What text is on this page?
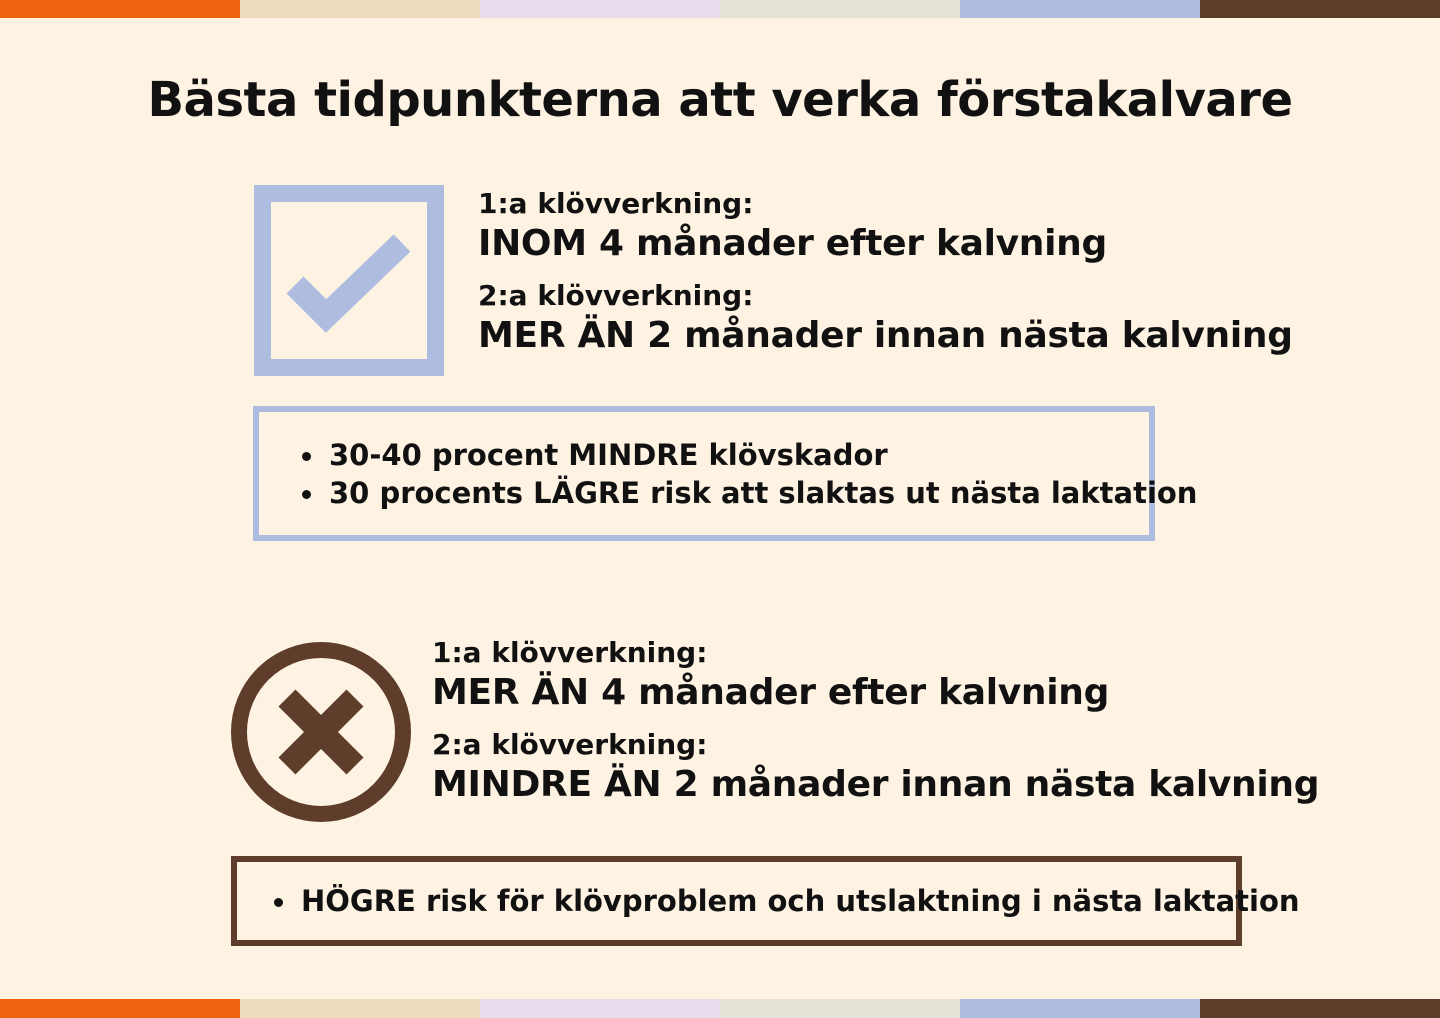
Bästa tidpunkterna att verka förstakalvare
1:a klövverkning:
INOM 4 månader efter kalvning
2:a klövverkning:
MER ÄN 2 månader innan nästa kalvning
30-40 procent MINDRE klövskador
30 procents LÄGRE risk att slaktas ut nästa laktation
1:a klövverkning:
MER ÄN 4 månader efter kalvning
2:a klövverkning:
MINDRE ÄN 2 månader innan nästa kalvning
HÖGRE risk för klövproblem och utslaktning i nästa laktation
